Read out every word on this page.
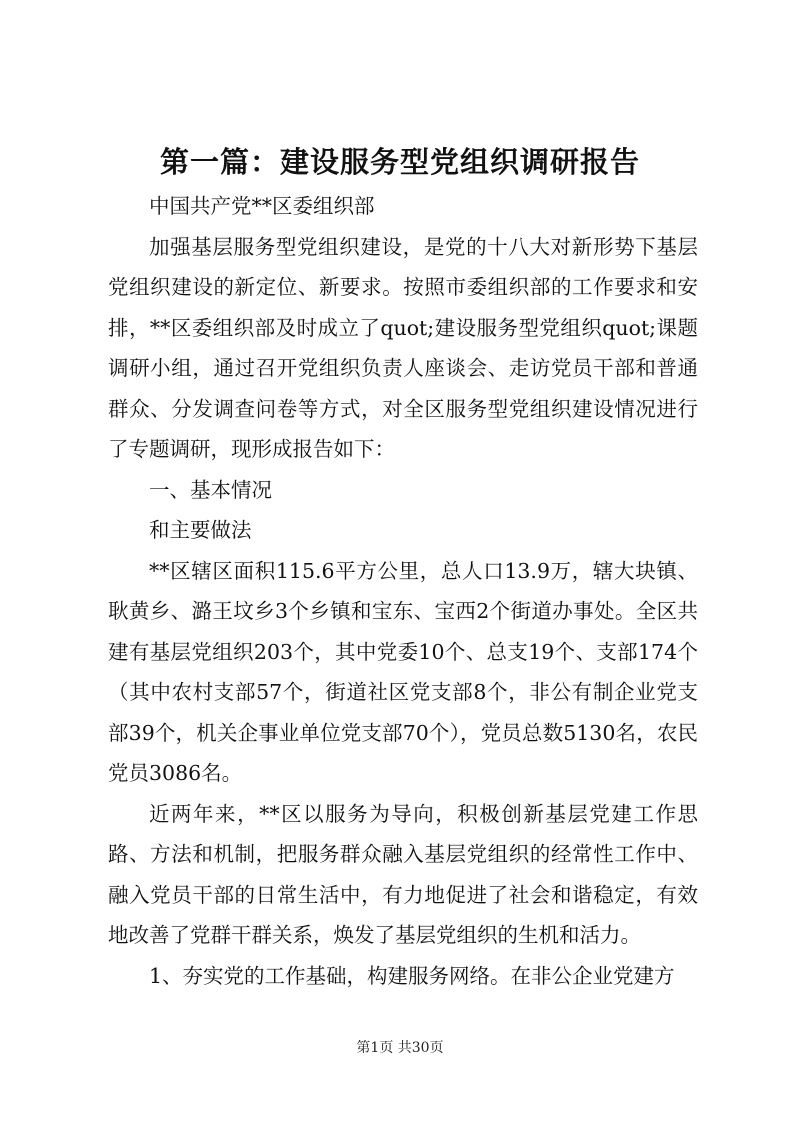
第一篇：建设服务型党组织调研报告

中国共产党**区委组织部

加强基层服务型党组织建设，是党的十八大对新形势下基层党组织建设的新定位、新要求。按照市委组织部的工作要求和安排，**区委组织部及时成立了quot;建设服务型党组织quot;课题调研小组，通过召开党组织负责人座谈会、走访党员干部和普通群众、分发调查问卷等方式，对全区服务型党组织建设情况进行了专题调研，现形成报告如下：

一、基本情况

和主要做法

**区辖区面积115.6平方公里，总人口13.9万，辖大块镇、耿黄乡、潞王坟乡3个乡镇和宝东、宝西2个街道办事处。全区共建有基层党组织203个，其中党委10个、总支19个、支部174个（其中农村支部57个，街道社区党支部8个，非公有制企业党支部39个，机关企事业单位党支部70个），党员总数5130名，农民党员3086名。

近两年来，**区以服务为导向，积极创新基层党建工作思路、方法和机制，把服务群众融入基层党组织的经常性工作中、融入党员干部的日常生活中，有力地促进了社会和谐稳定，有效地改善了党群干群关系，焕发了基层党组织的生机和活力。

1、夯实党的工作基础，构建服务网络。在非公企业党建方

第1页 共30页
